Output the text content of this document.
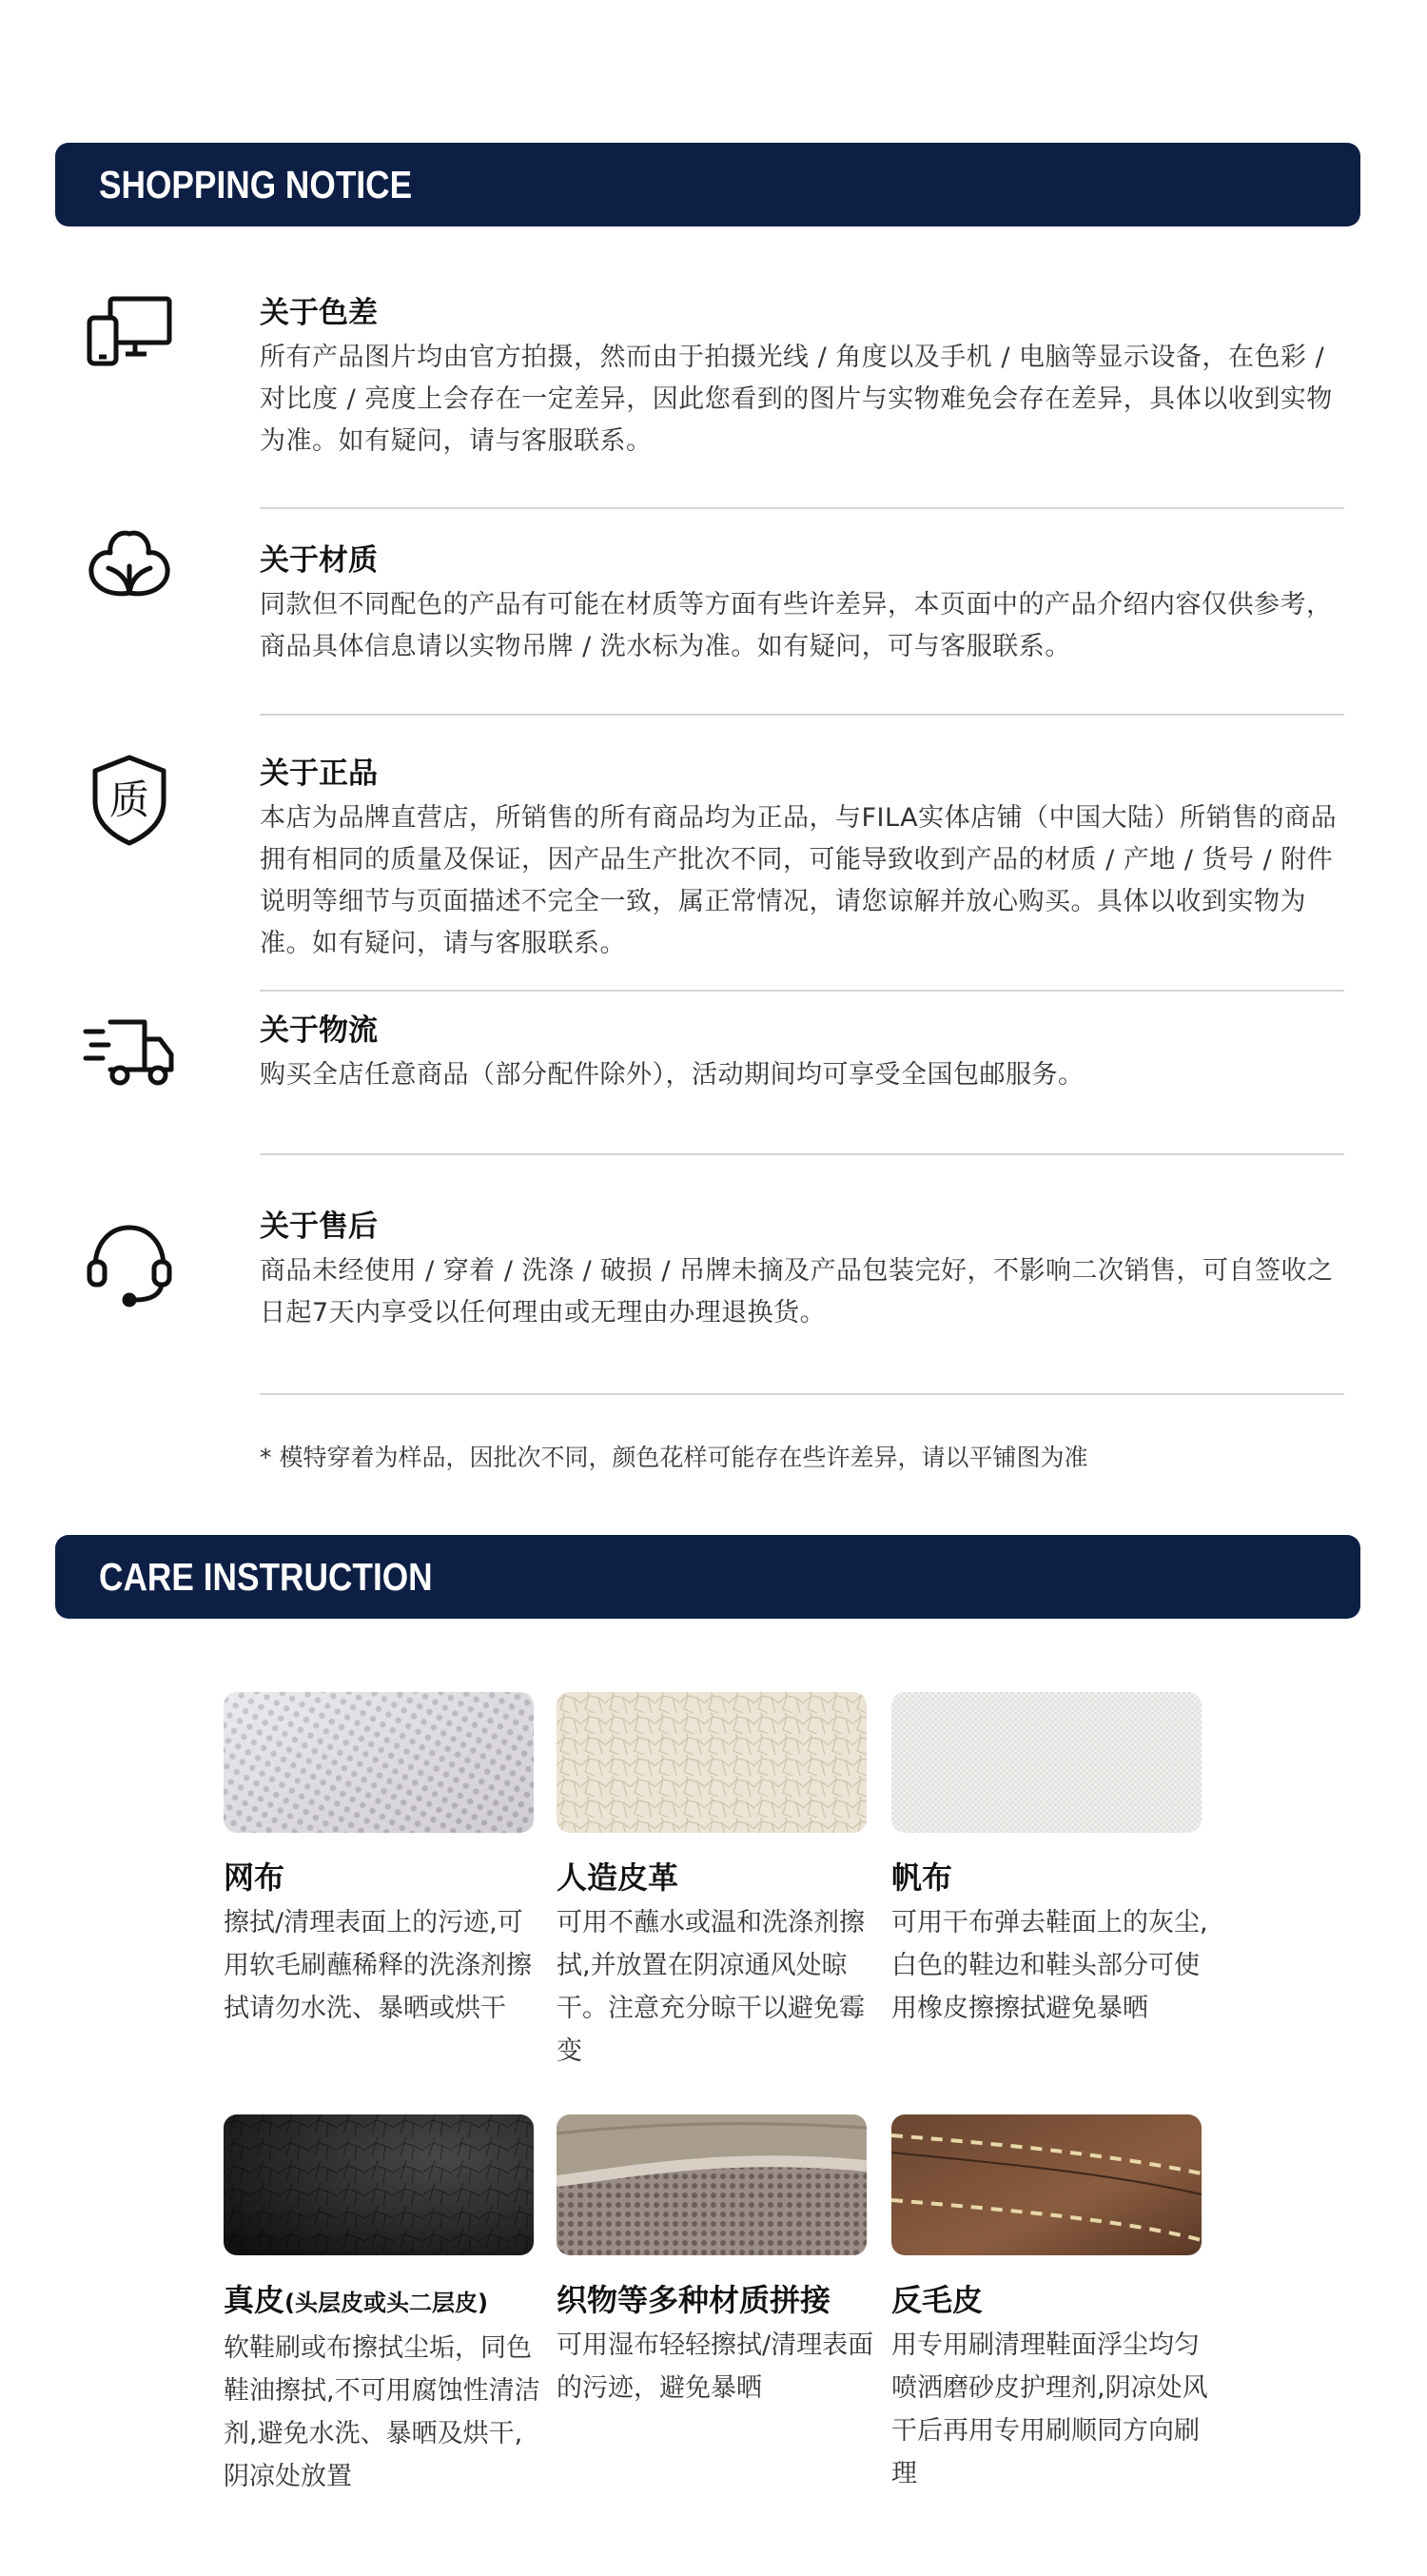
SHOPPING NOTICE
关于色差
所有产品图片均由官方拍摄，然而由于拍摄光线 / 角度以及手机 / 电脑等显示设备，在色彩 / 对比度 / 亮度上会存在一定差异，因此您看到的图片与实物难免会存在差异，具体以收到实物为准。如有疑问，请与客服联系。
关于材质
同款但不同配色的产品有可能在材质等方面有些许差异，本页面中的产品介绍内容仅供参考，商品具体信息请以实物吊牌 / 洗水标为准。如有疑问，可与客服联系。
质
关于正品
本店为品牌直营店，所销售的所有商品均为正品，与FILA实体店铺（中国大陆）所销售的商品拥有相同的质量及保证，因产品生产批次不同，可能导致收到产品的材质 / 产地 / 货号 / 附件说明等细节与页面描述不完全一致，属正常情况，请您谅解并放心购买。具体以收到实物为准。如有疑问，请与客服联系。
关于物流
购买全店任意商品（部分配件除外），活动期间均可享受全国包邮服务。
关于售后
商品未经使用 / 穿着 / 洗涤 / 破损 / 吊牌未摘及产品包装完好，不影响二次销售，可自签收之日起7天内享受以任何理由或无理由办理退换货。
* 模特穿着为样品，因批次不同，颜色花样可能存在些许差异，请以平铺图为准
CARE INSTRUCTION
网布
擦拭/清理表面上的污迹,可用软毛刷蘸稀释的洗涤剂擦拭请勿水洗、暴晒或烘干
人造皮革
可用不蘸水或温和洗涤剂擦拭,并放置在阴凉通风处晾干。注意充分晾干以避免霉变
帆布
可用干布弹去鞋面上的灰尘,白色的鞋边和鞋头部分可使用橡皮擦擦拭避免暴晒
真皮(头层皮或头二层皮)
软鞋刷或布擦拭尘垢，同色鞋油擦拭,不可用腐蚀性清洁剂,避免水洗、暴晒及烘干,阴凉处放置
织物等多种材质拼接
可用湿布轻轻擦拭/清理表面的污迹，避免暴晒
反毛皮
用专用刷清理鞋面浮尘均匀喷洒磨砂皮护理剂,阴凉处风干后再用专用刷顺同方向刷理
